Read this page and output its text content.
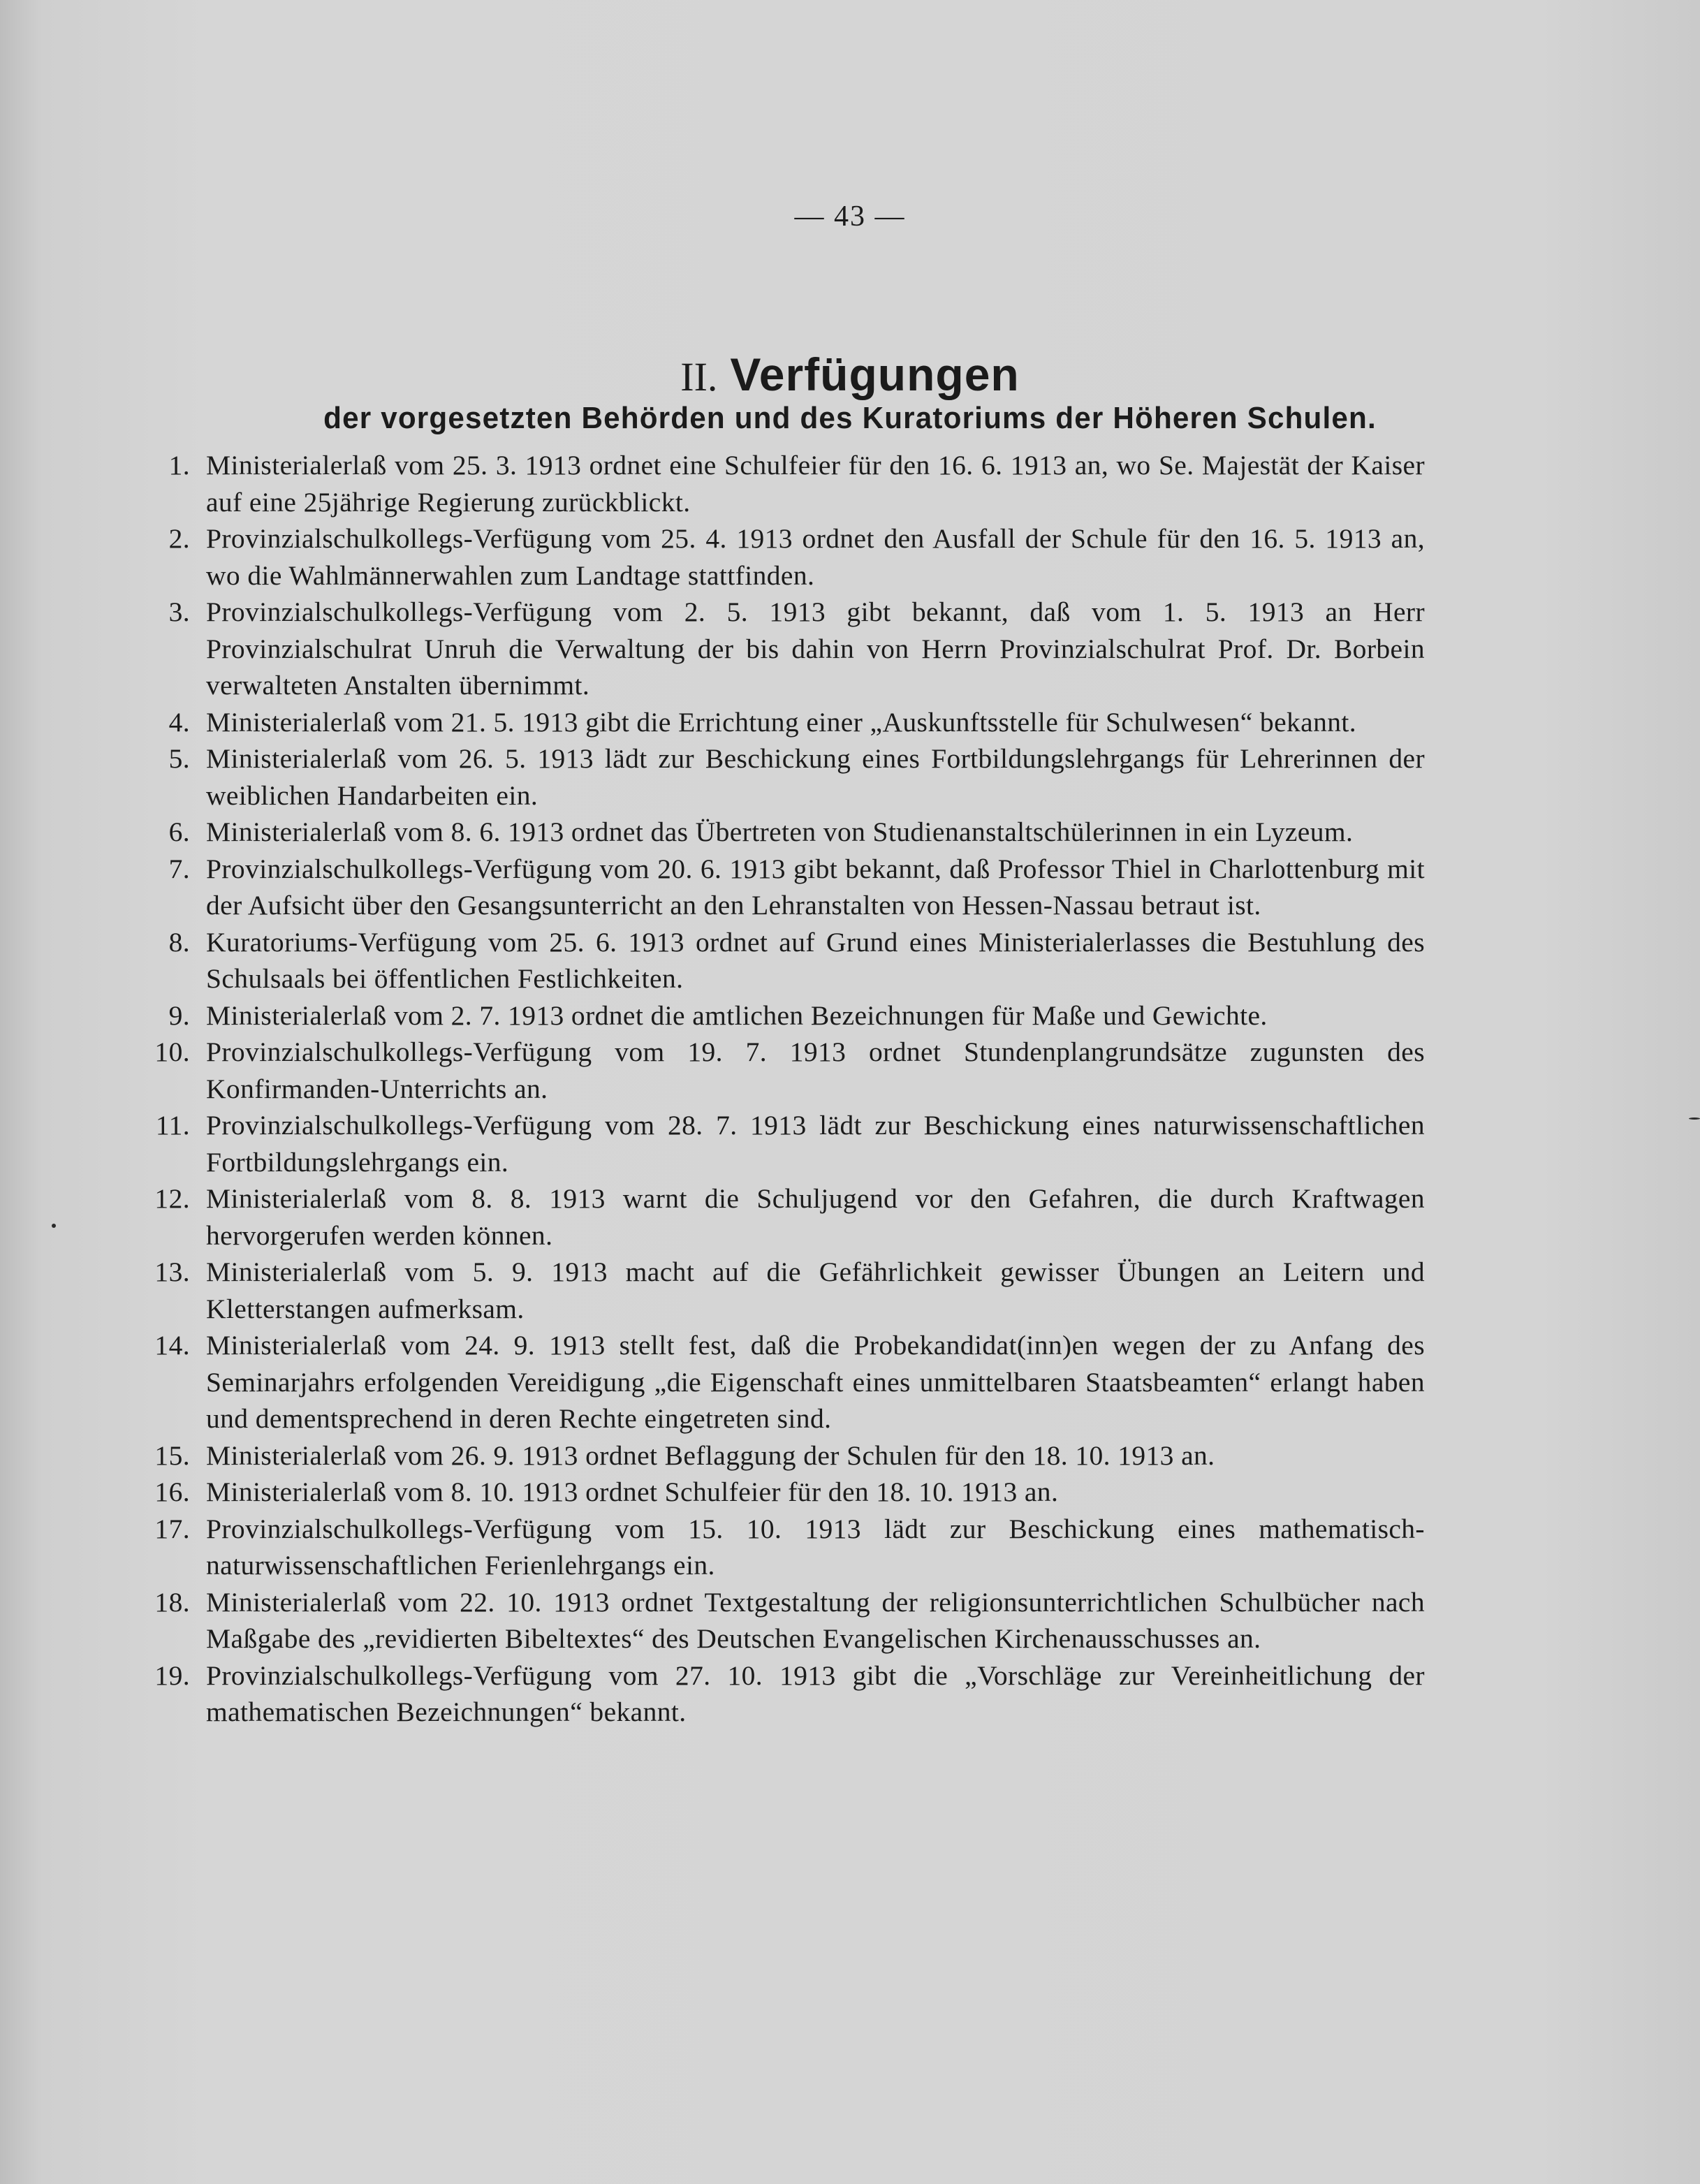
— 43 —
II. Verfügungen
der vorgesetzten Behörden und des Kuratoriums der Höheren Schulen.
1. Ministerialerlaß vom 25. 3. 1913 ordnet eine Schulfeier für den 16. 6. 1913 an, wo Se. Majestät der Kaiser auf eine 25jährige Regierung zurückblickt.
2. Provinzialschulkollegs-Verfügung vom 25. 4. 1913 ordnet den Ausfall der Schule für den 16. 5. 1913 an, wo die Wahlmännerwahlen zum Landtage stattfinden.
3. Provinzialschulkollegs-Verfügung vom 2. 5. 1913 gibt bekannt, daß vom 1. 5. 1913 an Herr Provinzialschulrat Unruh die Verwaltung der bis dahin von Herrn Provinzialschulrat Prof. Dr. Borbein verwalteten Anstalten übernimmt.
4. Ministerialerlaß vom 21. 5. 1913 gibt die Errichtung einer „Auskunftsstelle für Schulwesen“ bekannt.
5. Ministerialerlaß vom 26. 5. 1913 lädt zur Beschickung eines Fortbildungslehrgangs für Lehrerinnen der weiblichen Handarbeiten ein.
6. Ministerialerlaß vom 8. 6. 1913 ordnet das Übertreten von Studienanstaltschülerinnen in ein Lyzeum.
7. Provinzialschulkollegs-Verfügung vom 20. 6. 1913 gibt bekannt, daß Professor Thiel in Charlottenburg mit der Aufsicht über den Gesangsunterricht an den Lehranstalten von Hessen-Nassau betraut ist.
8. Kuratoriums-Verfügung vom 25. 6. 1913 ordnet auf Grund eines Ministerialerlasses die Bestuhlung des Schulsaals bei öffentlichen Festlichkeiten.
9. Ministerialerlaß vom 2. 7. 1913 ordnet die amtlichen Bezeichnungen für Maße und Gewichte.
10. Provinzialschulkollegs-Verfügung vom 19. 7. 1913 ordnet Stundenplangrundsätze zugunsten des Konfirmanden-Unterrichts an.
11. Provinzialschulkollegs-Verfügung vom 28. 7. 1913 lädt zur Beschickung eines naturwissenschaftlichen Fortbildungslehrgangs ein.
12. Ministerialerlaß vom 8. 8. 1913 warnt die Schuljugend vor den Gefahren, die durch Kraftwagen hervorgerufen werden können.
13. Ministerialerlaß vom 5. 9. 1913 macht auf die Gefährlichkeit gewisser Übungen an Leitern und Kletterstangen aufmerksam.
14. Ministerialerlaß vom 24. 9. 1913 stellt fest, daß die Probekandidat(inn)en wegen der zu Anfang des Seminarjahrs erfolgenden Vereidigung „die Eigenschaft eines unmittelbaren Staatsbeamten“ erlangt haben und dementsprechend in deren Rechte eingetreten sind.
15. Ministerialerlaß vom 26. 9. 1913 ordnet Beflaggung der Schulen für den 18. 10. 1913 an.
16. Ministerialerlaß vom 8. 10. 1913 ordnet Schulfeier für den 18. 10. 1913 an.
17. Provinzialschulkollegs-Verfügung vom 15. 10. 1913 lädt zur Beschickung eines mathematisch-naturwissenschaftlichen Ferienlehrgangs ein.
18. Ministerialerlaß vom 22. 10. 1913 ordnet Textgestaltung der religionsunterrichtlichen Schulbücher nach Maßgabe des „revidierten Bibeltextes“ des Deutschen Evangelischen Kirchenausschusses an.
19. Provinzialschulkollegs-Verfügung vom 27. 10. 1913 gibt die „Vorschläge zur Vereinheitlichung der mathematischen Bezeichnungen“ bekannt.
